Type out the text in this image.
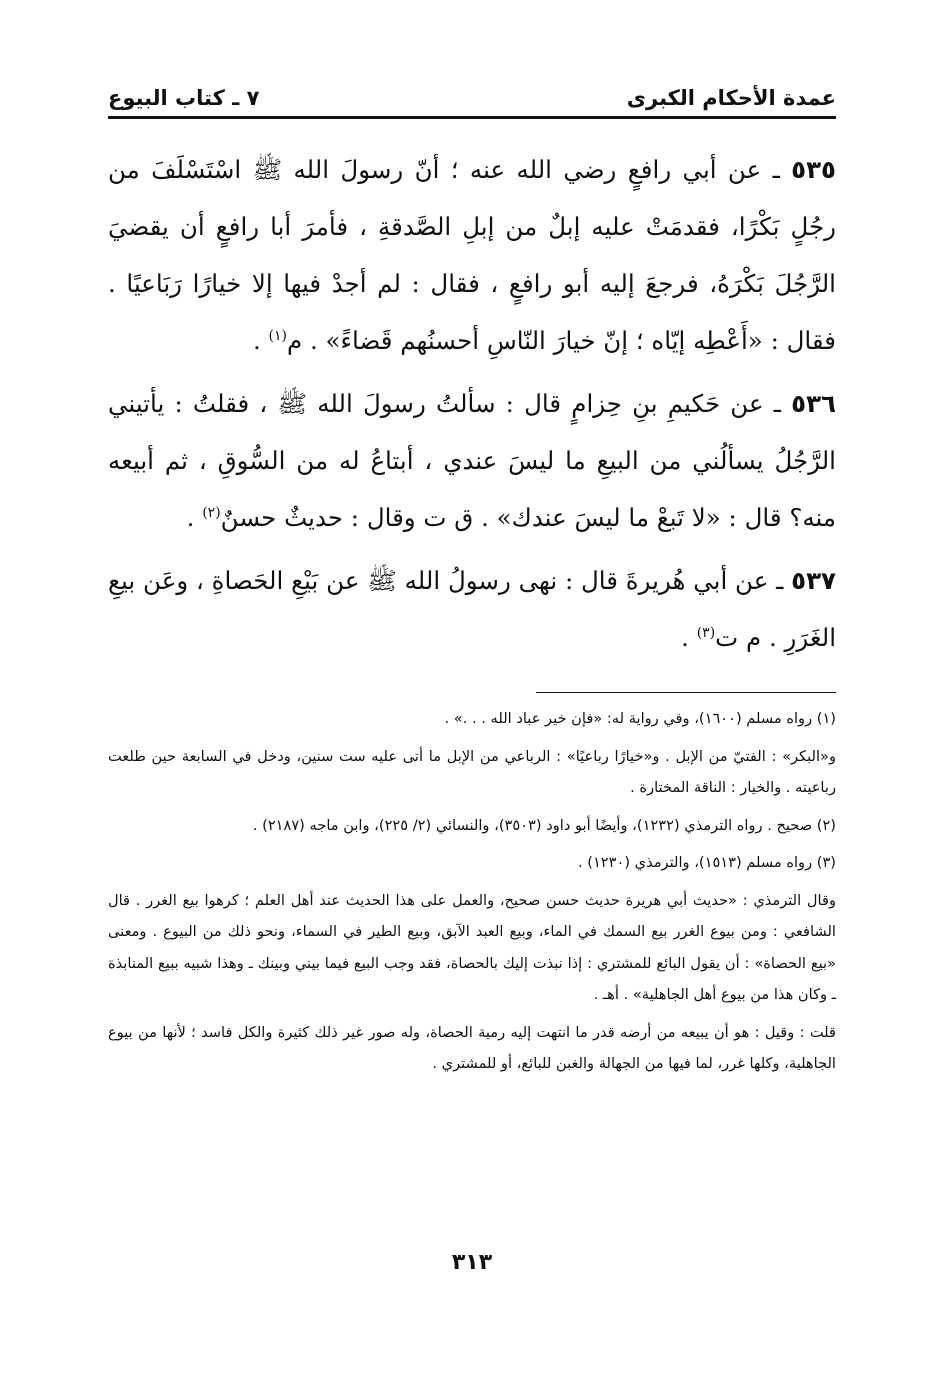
عمدة الأحكام الكبرى
٧ ـ كتاب البيوع

٥٣٥ ـ عن أبي رافعٍ رضي الله عنه ؛ أنّ رسولَ الله ﷺ اسْتَسْلَفَ من رجُلٍ بَكْرًا، فقدمَتْ عليه إبلٌ من إبلِ الصَّدقةِ ، فأمرَ أبا رافعٍ أن يقضيَ الرَّجُلَ بَكْرَهُ، فرجعَ إليه أبو رافعٍ ، فقال : لم أجدْ فيها إلا خيارًا رَبَاعيًا . فقال : «أَعْطِه إيّاه ؛ إنّ خيارَ النّاسِ أحسنُهم قَضاءً» . م$^{(١)}$ .

٥٣٦ ـ عن حَكيمِ بنِ حِزامٍ قال : سألتُ رسولَ الله ﷺ ، فقلتُ : يأتيني الرَّجُلُ يسألُني من البيعِ ما ليسَ عندي ، أبتاعُ له من السُّوقِ ، ثم أبيعه منه؟ قال : «لا تَبعْ ما ليسَ عندك» . ق ت وقال : حديثٌ حسنٌ$^{(٢)}$ .

٥٣٧ ـ عن أبي هُريرةَ قال : نهى رسولُ الله ﷺ عن بَيْعِ الحَصاةِ ، وعَن بيعِ الغَرَرِ . م ت$^{(٣)}$ .

(١) رواه مسلم (١٦٠٠)، وفي رواية له: «فإن خير عباد الله . . .» .

و«البكر» : الفتيّ من الإبل . و«خيارًا رباعيًا» : الرباعي من الإبل ما أتى عليه ست سنين، ودخل في السابعة حين طلعت رباعيته . والخيار : الناقة المختارة .

(٢) صحيح . رواه الترمذي (١٢٣٢)، وأيضًا أبو داود (٣٥٠٣)، والنسائي (٢/ ٢٢٥)، وابن ماجه (٢١٨٧) .

(٣) رواه مسلم (١٥١٣)، والترمذي (١٢٣٠) .

وقال الترمذي : «حديث أبي هريرة حديث حسن صحيح، والعمل على هذا الحديث عند أهل العلم ؛ كرهوا بيع الغرر . قال الشافعي : ومن بيوع الغرر بيع السمك في الماء، وبيع العبد الآبق، وبيع الطير في السماء، ونحو ذلك من البيوع . ومعنى «بيع الحصاة» : أن يقول البائع للمشتري : إذا نبذت إليك بالحصاة، فقد وجب البيع فيما بيني وبينك ـ وهذا شبيه ببيع المنابذة ـ وكان هذا من بيوع أهل الجاهلية» . أهـ .

قلت : وقيل : هو أن يبيعه من أرضه قدر ما انتهت إليه رمية الحصاة، وله صور غير ذلك كثيرة والكل فاسد ؛ لأنها من بيوع الجاهلية، وكلها غرر، لما فيها من الجهالة والغبن للبائع، أو للمشتري .

٣١٣
